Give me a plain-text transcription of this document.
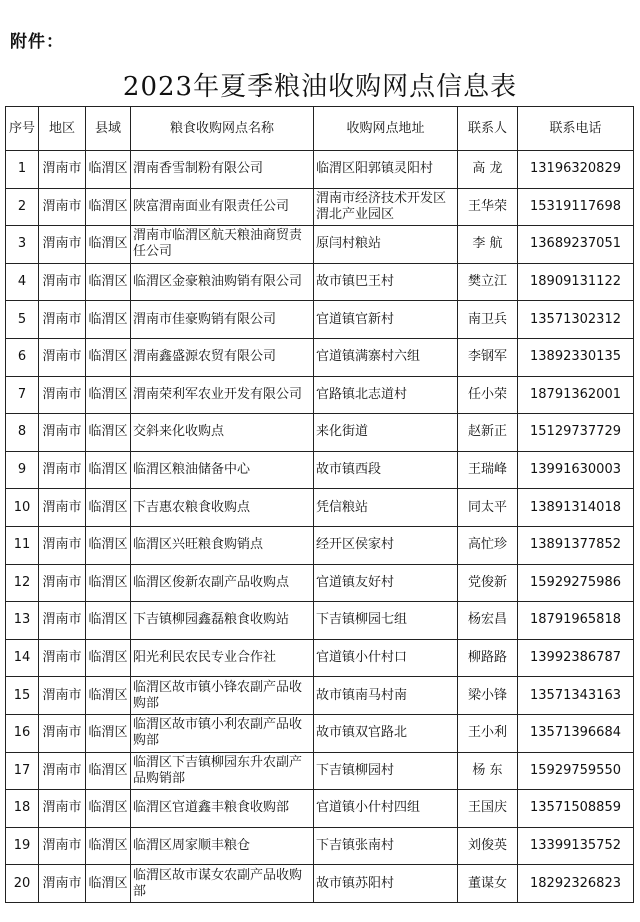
附件：
2023年夏季粮油收购网点信息表
序号	地区	县域	粮食收购网点名称	收购网点地址	联系人	联系电话
1	渭南市	临渭区	渭南香雪制粉有限公司	临渭区阳郭镇灵阳村	高 龙	13196320829
2	渭南市	临渭区	陕富渭南面业有限责任公司	渭南市经济技术开发区渭北产业园区	王华荣	15319117698
3	渭南市	临渭区	渭南市临渭区航天粮油商贸责任公司	原闫村粮站	李 航	13689237051
4	渭南市	临渭区	临渭区金豪粮油购销有限公司	故市镇巴王村	樊立江	18909131122
5	渭南市	临渭区	渭南市佳豪购销有限公司	官道镇官新村	南卫兵	13571302312
6	渭南市	临渭区	渭南鑫盛源农贸有限公司	官道镇满寨村六组	李钢军	13892330135
7	渭南市	临渭区	渭南荣利军农业开发有限公司	官路镇北志道村	任小荣	18791362001
8	渭南市	临渭区	交斜来化收购点	来化街道	赵新正	15129737729
9	渭南市	临渭区	临渭区粮油储备中心	故市镇西段	王瑞峰	13991630003
10	渭南市	临渭区	下吉惠农粮食收购点	凭信粮站	同太平	13891314018
11	渭南市	临渭区	临渭区兴旺粮食购销点	经开区侯家村	高忙珍	13891377852
12	渭南市	临渭区	临渭区俊新农副产品收购点	官道镇友好村	党俊新	15929275986
13	渭南市	临渭区	下吉镇柳园鑫磊粮食收购站	下吉镇柳园七组	杨宏昌	18791965818
14	渭南市	临渭区	阳光利民农民专业合作社	官道镇小什村口	柳路路	13992386787
15	渭南市	临渭区	临渭区故市镇小锋农副产品收购部	故市镇南马村南	梁小锋	13571343163
16	渭南市	临渭区	临渭区故市镇小利农副产品收购部	故市镇双官路北	王小利	13571396684
17	渭南市	临渭区	临渭区下吉镇柳园东升农副产品购销部	下吉镇柳园村	杨 东	15929759550
18	渭南市	临渭区	临渭区官道鑫丰粮食收购部	官道镇小什村四组	王国庆	13571508859
19	渭南市	临渭区	临渭区周家顺丰粮仓	下吉镇张南村	刘俊英	13399135752
20	渭南市	临渭区	临渭区故市谋女农副产品收购部	故市镇苏阳村	董谋女	18292326823
